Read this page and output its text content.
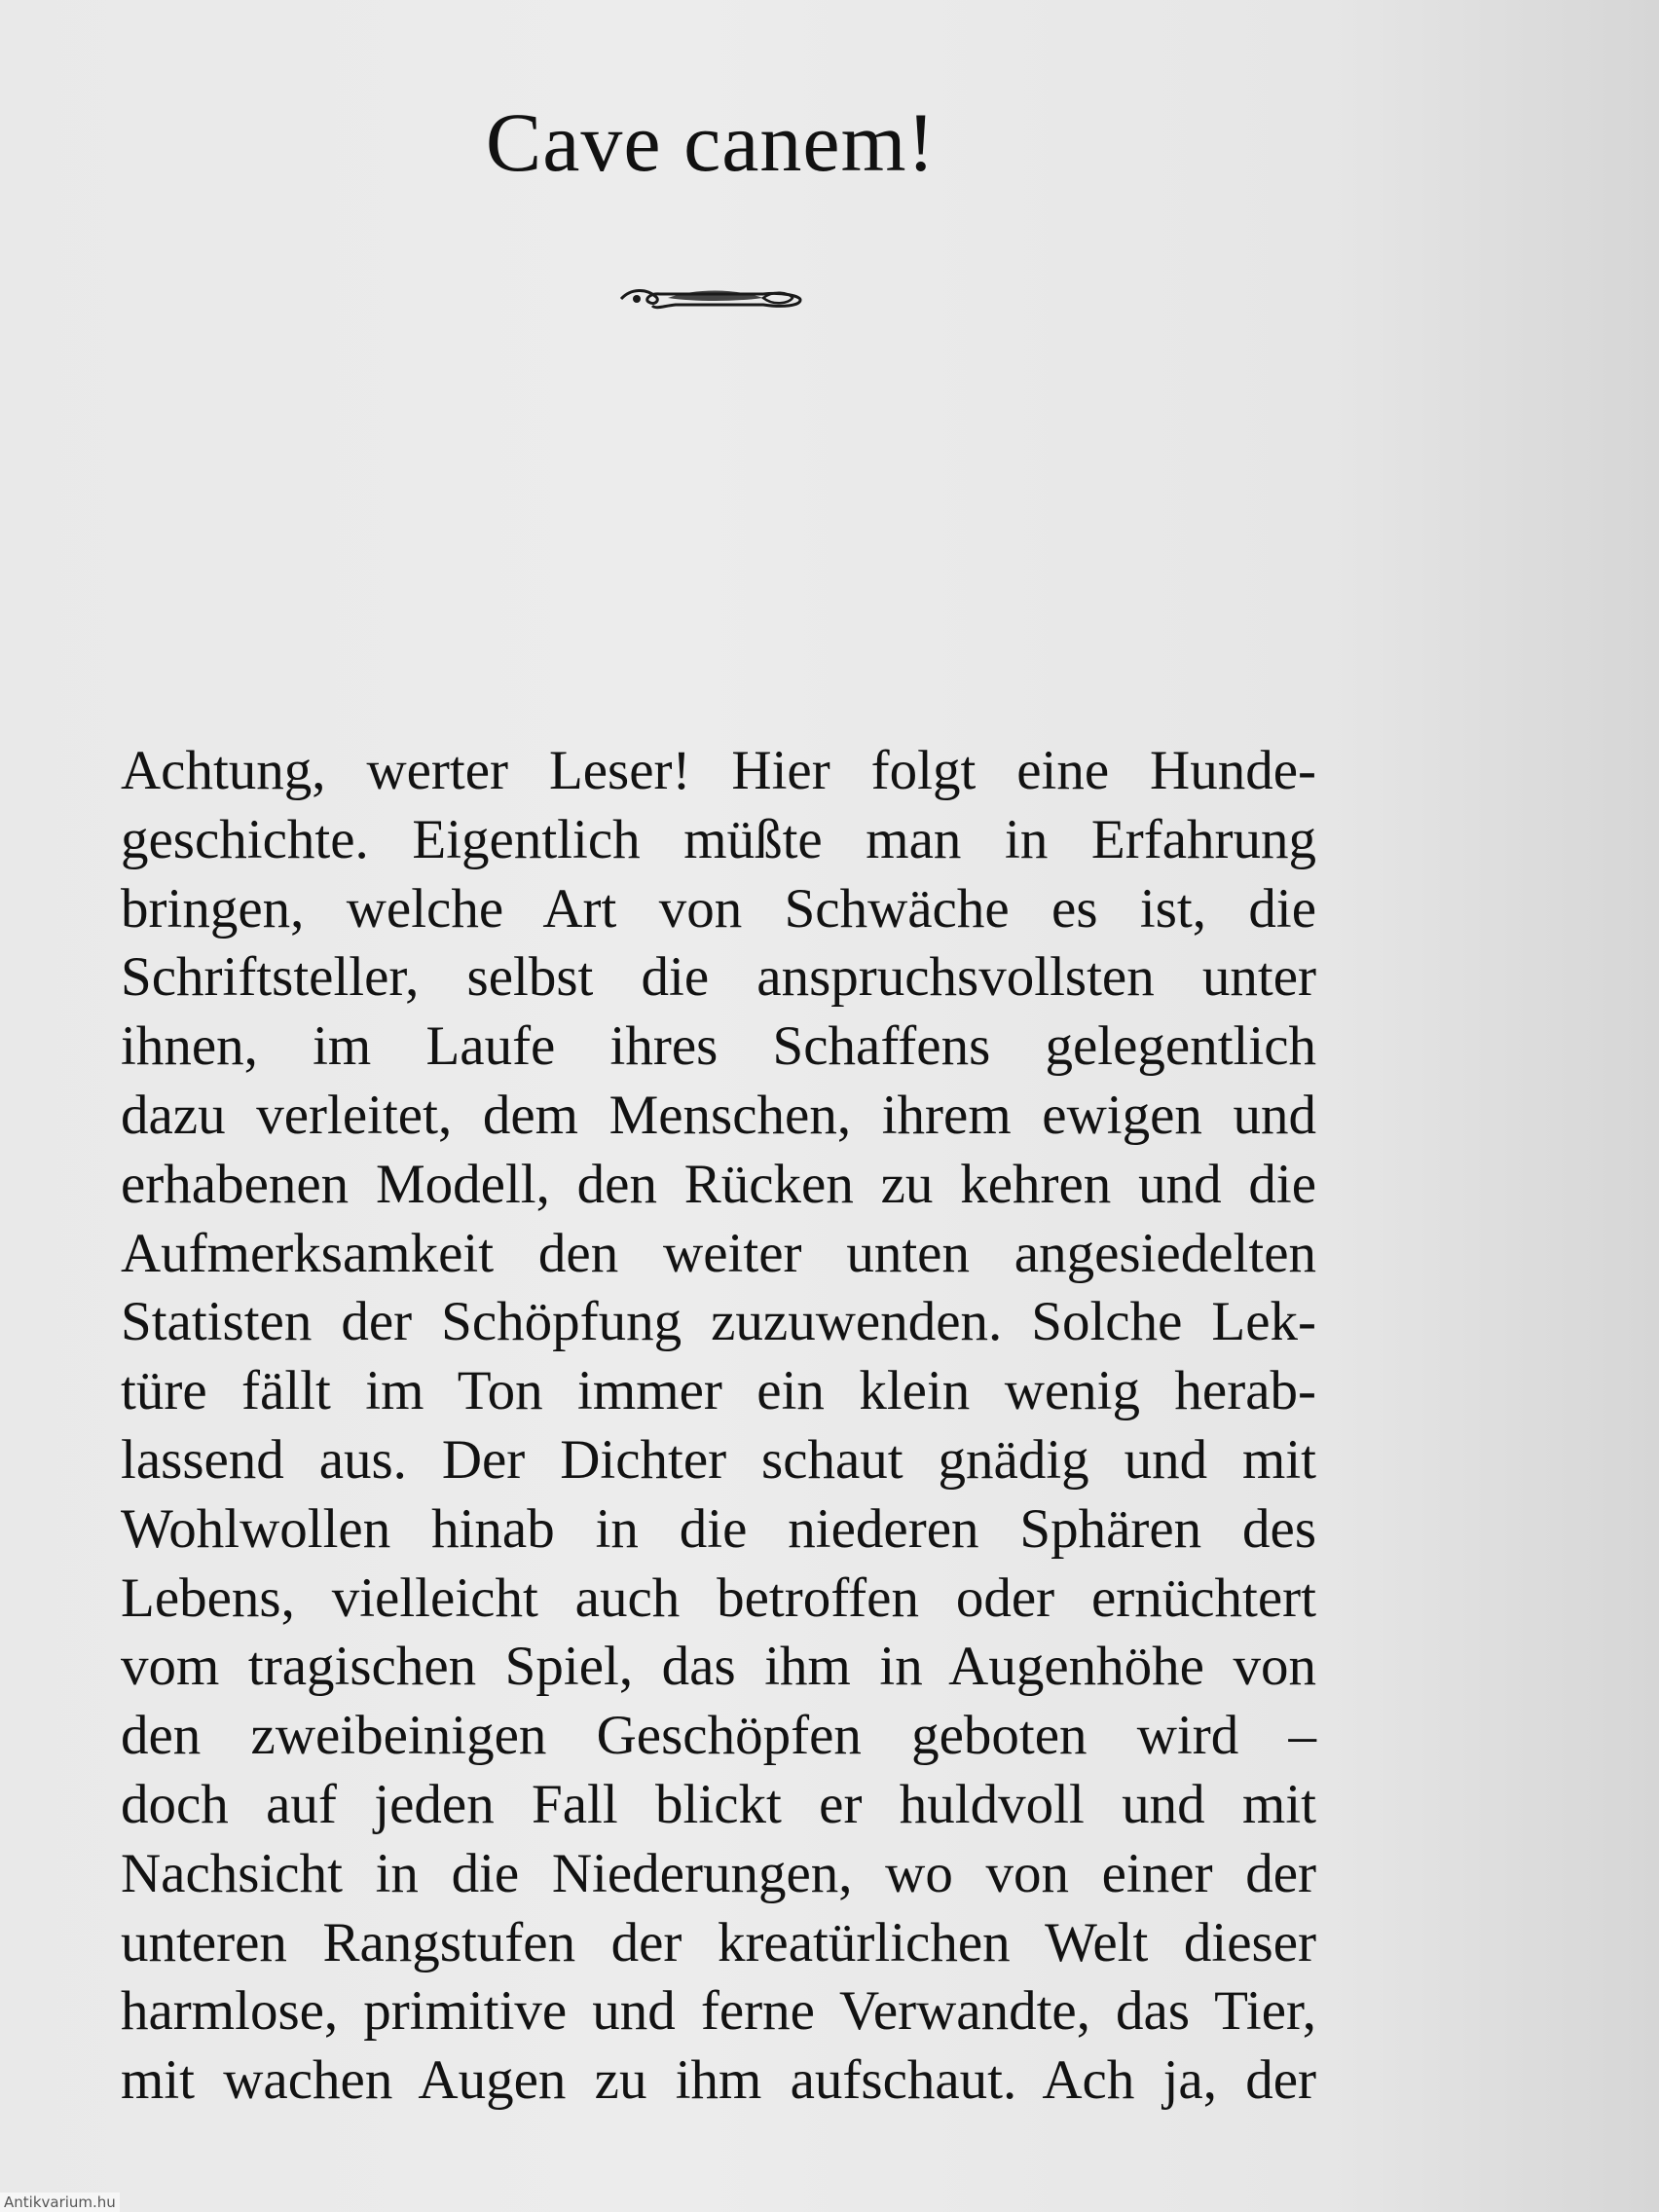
Cave canem!
Achtung, werter Leser! Hier folgt eine Hunde-
geschichte. Eigentlich müßte man in Erfahrung
bringen, welche Art von Schwäche es ist, die
Schriftsteller, selbst die anspruchsvollsten unter
ihnen, im Laufe ihres Schaffens gelegentlich
dazu verleitet, dem Menschen, ihrem ewigen und
erhabenen Modell, den Rücken zu kehren und die
Aufmerksamkeit den weiter unten angesiedelten
Statisten der Schöpfung zuzuwenden. Solche Lek-
türe fällt im Ton immer ein klein wenig herab-
lassend aus. Der Dichter schaut gnädig und mit
Wohlwollen hinab in die niederen Sphären des
Lebens, vielleicht auch betroffen oder ernüchtert
vom tragischen Spiel, das ihm in Augenhöhe von
den zweibeinigen Geschöpfen geboten wird –
doch auf jeden Fall blickt er huldvoll und mit
Nachsicht in die Niederungen, wo von einer der
unteren Rangstufen der kreatürlichen Welt dieser
harmlose, primitive und ferne Verwandte, das Tier,
mit wachen Augen zu ihm aufschaut. Ach ja, der
Antikvarium.hu
